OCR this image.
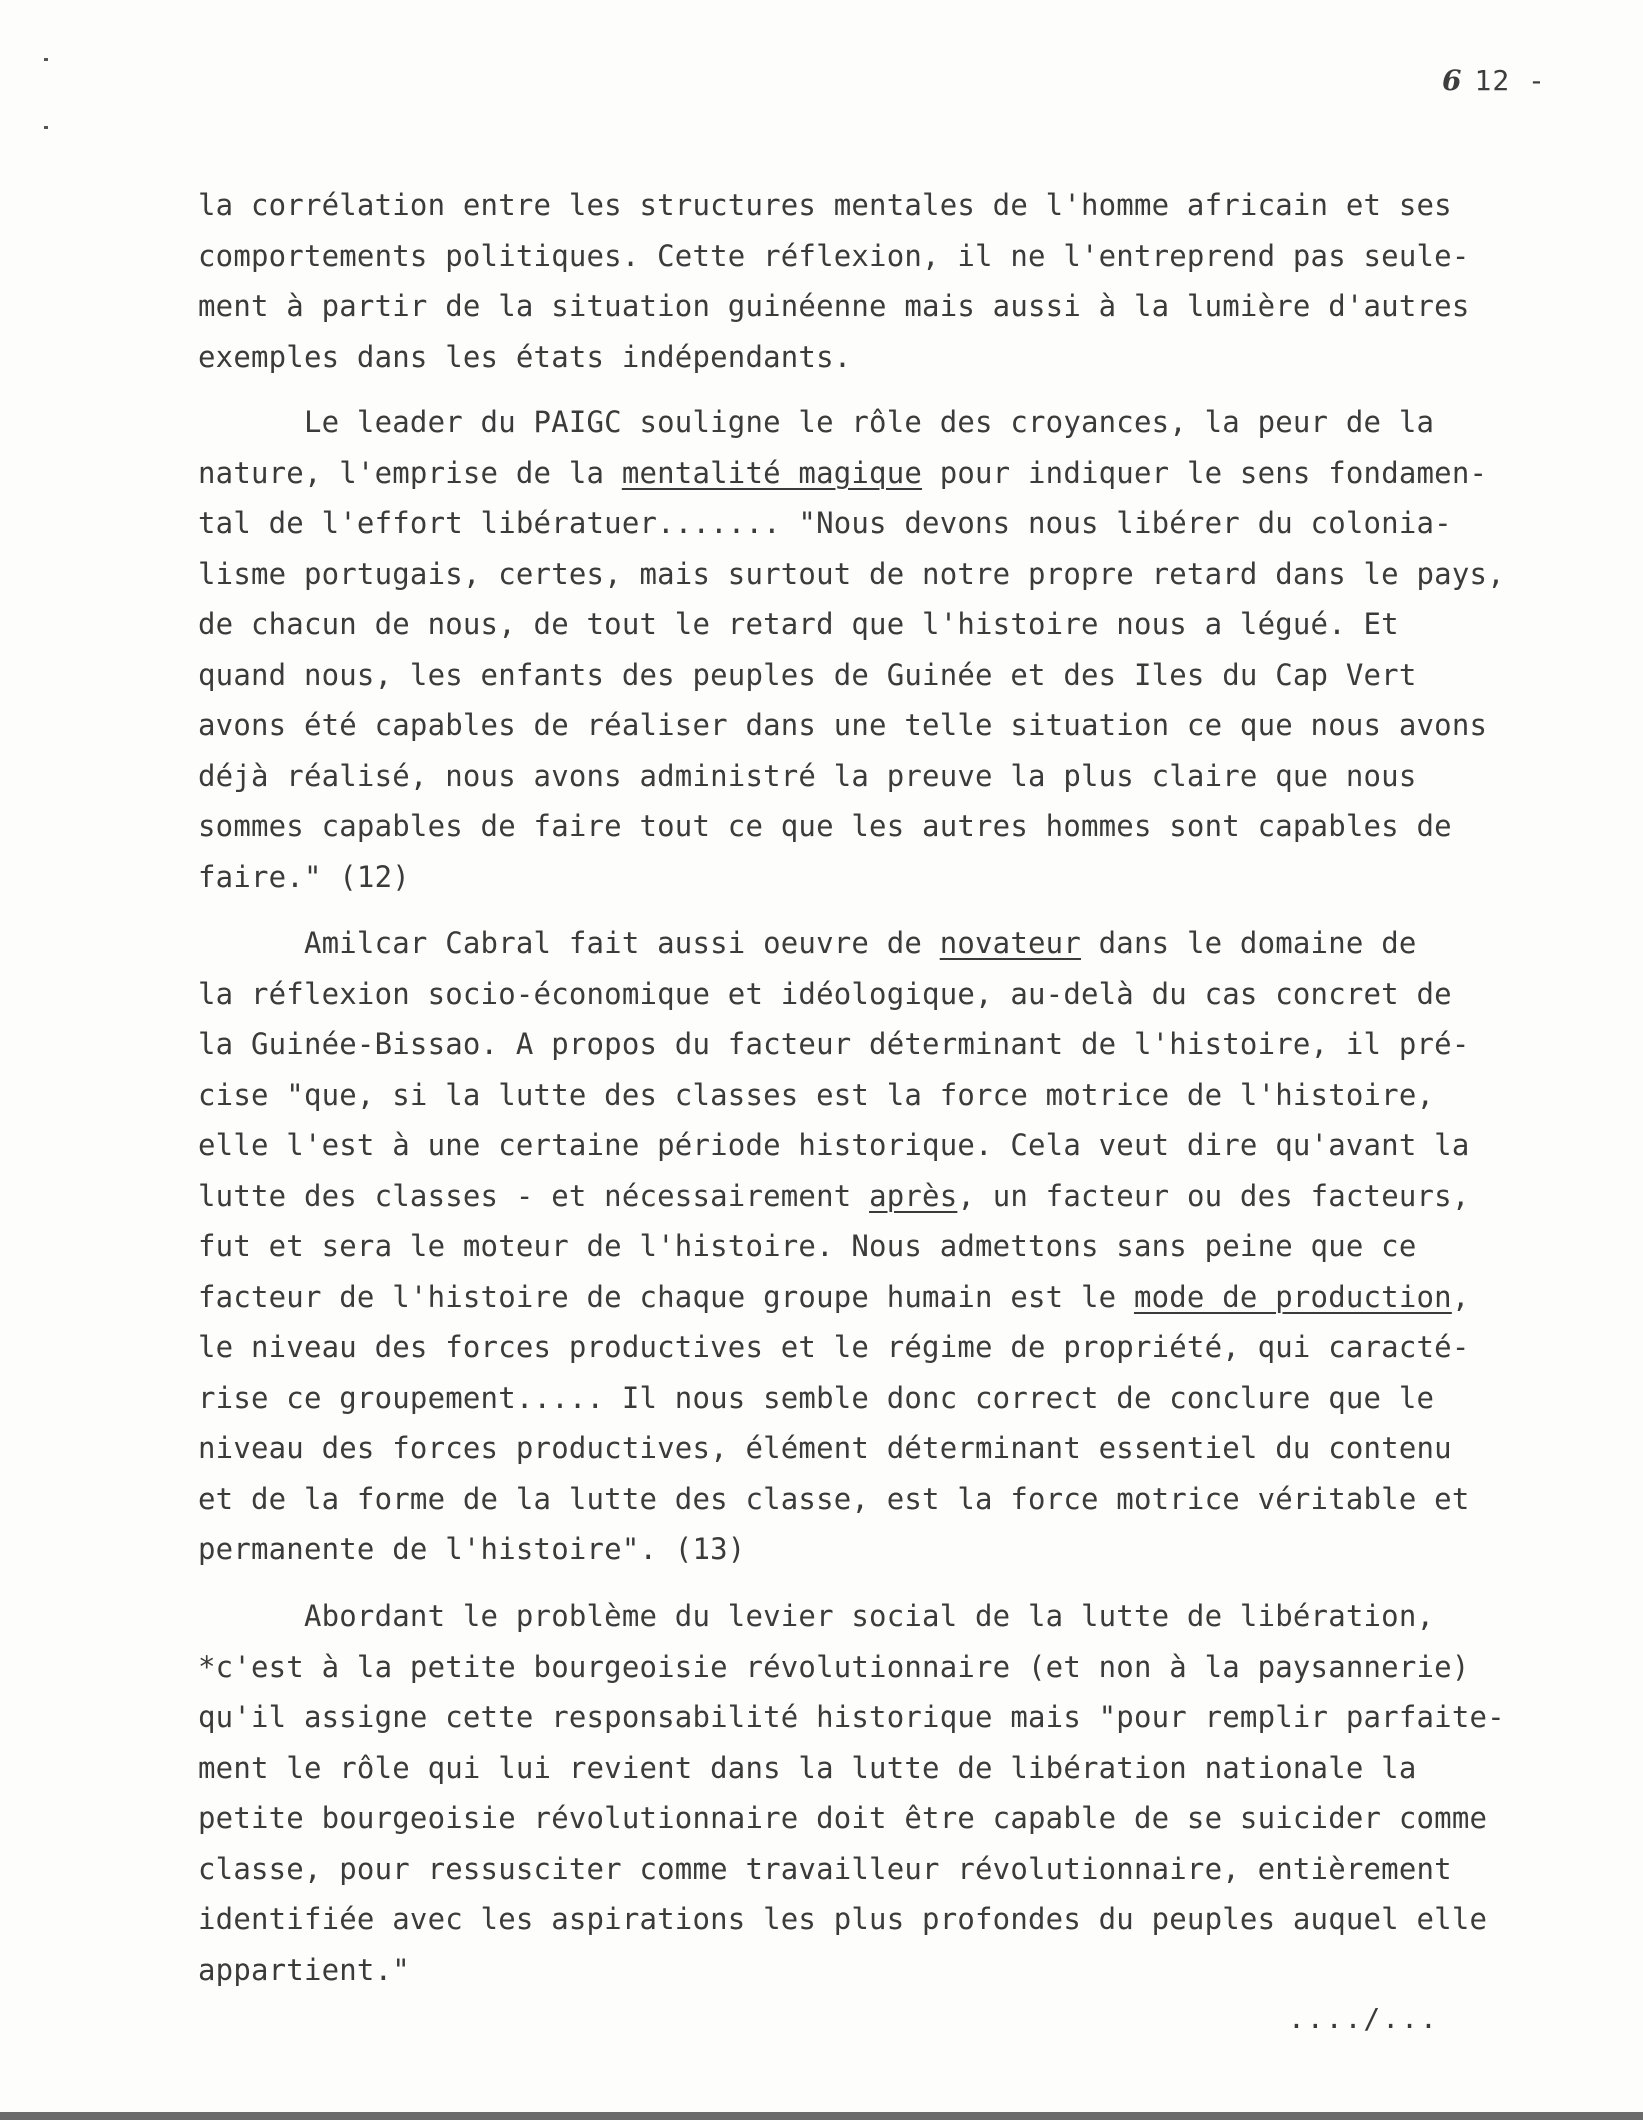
6 12 -

la corrélation entre les structures mentales de l'homme africain et ses

comportements politiques. Cette réflexion, il ne l'entreprend pas seule-

ment à partir de la situation guinéenne mais aussi à la lumière d'autres

exemples dans les états indépendants.

Le leader du PAIGC souligne le rôle des croyances, la peur de la

nature, l'emprise de la mentalité magique pour indiquer le sens fondamen-

tal de l'effort libératuer....... "Nous devons nous libérer du colonia-

lisme portugais, certes, mais surtout de notre propre retard dans le pays,

de chacun de nous, de tout le retard que l'histoire nous a légué. Et

quand nous, les enfants des peuples de Guinée et des Iles du Cap Vert

avons été capables de réaliser dans une telle situation ce que nous avons

déjà réalisé, nous avons administré la preuve la plus claire que nous

sommes capables de faire tout ce que les autres hommes sont capables de

faire." (12)

Amilcar Cabral fait aussi oeuvre de novateur dans le domaine de

la réflexion socio-économique et idéologique, au-delà du cas concret de

la Guinée-Bissao. A propos du facteur déterminant de l'histoire, il pré-

cise "que, si la lutte des classes est la force motrice de l'histoire,

elle l'est à une certaine période historique. Cela veut dire qu'avant la

lutte des classes - et nécessairement après, un facteur ou des facteurs,

fut et sera le moteur de l'histoire. Nous admettons sans peine que ce

facteur de l'histoire de chaque groupe humain est le mode de production,

le niveau des forces productives et le régime de propriété, qui caracté-

rise ce groupement..... Il nous semble donc correct de conclure que le

niveau des forces productives, élément déterminant essentiel du contenu

et de la forme de la lutte des classe, est la force motrice véritable et

permanente de l'histoire". (13)

Abordant le problème du levier social de la lutte de libération,

*c'est à la petite bourgeoisie révolutionnaire (et non à la paysannerie)

qu'il assigne cette responsabilité historique mais "pour remplir parfaite-

ment le rôle qui lui revient dans la lutte de libération nationale la

petite bourgeoisie révolutionnaire doit être capable de se suicider comme

classe, pour ressusciter comme travailleur révolutionnaire, entièrement

identifiée avec les aspirations les plus profondes du peuples auquel elle

appartient."

..../...
